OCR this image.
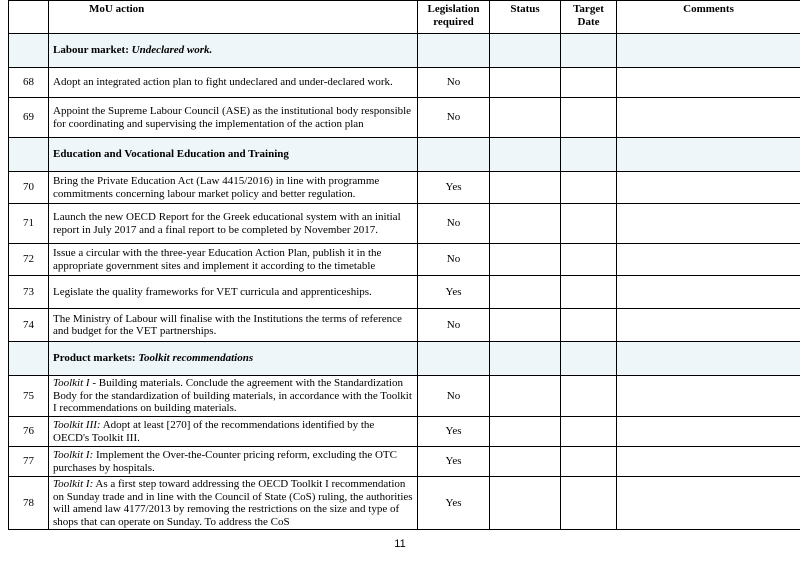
	MoU action	Legislation required	Status	Target Date	Comments
	Labour market: Undeclared work.				
68	Adopt an integrated action plan to fight undeclared and under-declared work.	No			
69	Appoint the Supreme Labour Council (ASE) as the institutional body responsible for coordinating and supervising the implementation of the action plan	No			
	Education and Vocational Education and Training				
70	Bring the Private Education Act (Law 4415/2016) in line with programme commitments concerning labour market policy and better regulation.	Yes			
71	Launch the new OECD Report for the Greek educational system with an initial report in July 2017 and a final report to be completed by November 2017.	No			
72	Issue a circular with the three-year Education Action Plan, publish it in the appropriate government sites and implement it according to the timetable	No			
73	Legislate the quality frameworks for VET curricula and apprenticeships.	Yes			
74	The Ministry of Labour will finalise with the Institutions the terms of reference and budget for the VET partnerships.	No			
	Product markets: Toolkit recommendations				
75	Toolkit I - Building materials. Conclude the agreement with the Standardization Body for the standardization of building materials, in accordance with the Toolkit I recommendations on building materials.	No			
76	Toolkit III: Adopt at least [270] of the recommendations identified by the OECD's Toolkit III.	Yes			
77	Toolkit I: Implement the Over-the-Counter pricing reform, excluding the OTC purchases by hospitals.	Yes			
78	Toolkit I: As a first step toward addressing the OECD Toolkit I recommendation on Sunday trade and in line with the Council of State (CoS) ruling, the authorities will amend law 4177/2013 by removing the restrictions on the size and type of shops that can operate on Sunday. To address the CoS	Yes			
11
